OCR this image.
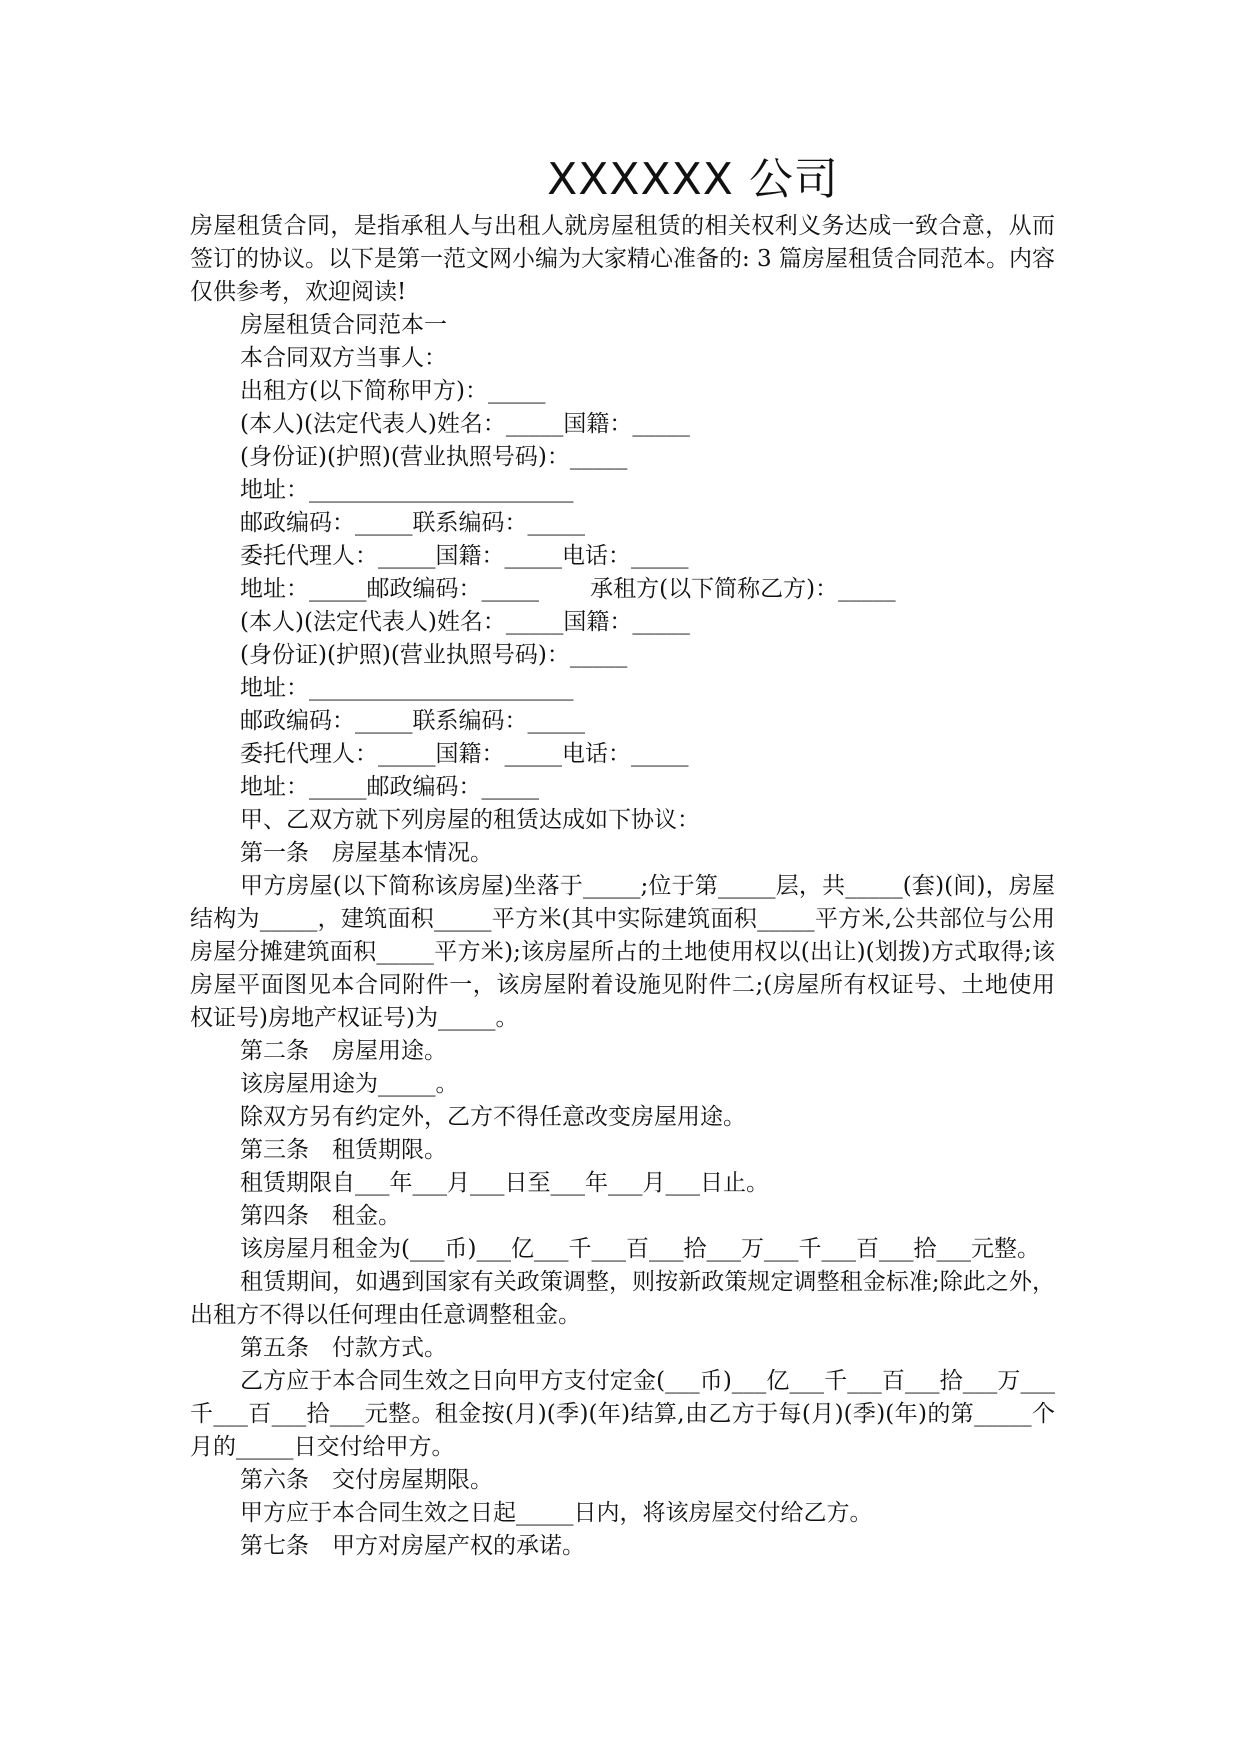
XXXXXX 公司

房屋租赁合同，是指承租人与出租人就房屋租赁的相关权利义务达成一致合意，从而签订的协议。以下是第一范文网小编为大家精心准备的: 3 篇房屋租赁合同范本。内容仅供参考，欢迎阅读!

房屋租赁合同范本一

本合同双方当事人：

出租方(以下简称甲方)：_____

(本人)(法定代表人)姓名：_____国籍：_____

(身份证)(护照)(营业执照号码)：_____

地址：_______________________

邮政编码：_____联系编码：_____

委托代理人：_____国籍：_____电话：_____

地址：_____邮政编码：_____       承租方(以下简称乙方)：_____

(本人)(法定代表人)姓名：_____国籍：_____

(身份证)(护照)(营业执照号码)：_____

地址：_______________________

邮政编码：_____联系编码：_____

委托代理人：_____国籍：_____电话：_____

地址：_____邮政编码：_____

甲、乙双方就下列房屋的租赁达成如下协议：

第一条　房屋基本情况。

甲方房屋(以下简称该房屋)坐落于_____;位于第_____层，共_____(套)(间)，房屋结构为_____，建筑面积_____平方米(其中实际建筑面积_____平方米,公共部位与公用房屋分摊建筑面积_____平方米);该房屋所占的土地使用权以(出让)(划拨)方式取得;该房屋平面图见本合同附件一，该房屋附着设施见附件二;(房屋所有权证号、土地使用权证号)房地产权证号)为_____。

第二条　房屋用途。

该房屋用途为_____。

除双方另有约定外，乙方不得任意改变房屋用途。

第三条　租赁期限。

租赁期限自___年___月___日至___年___月___日止。

第四条　租金。

该房屋月租金为(___币)___亿___千___百___拾___万___千___百___拾___元整。

租赁期间，如遇到国家有关政策调整，则按新政策规定调整租金标准;除此之外，出租方不得以任何理由任意调整租金。

第五条　付款方式。

乙方应于本合同生效之日向甲方支付定金(___币)___亿___千___百___拾___万___千___百___拾___元整。租金按(月)(季)(年)结算,由乙方于每(月)(季)(年)的第_____个月的_____日交付给甲方。

第六条　交付房屋期限。

甲方应于本合同生效之日起_____日内，将该房屋交付给乙方。

第七条　甲方对房屋产权的承诺。
